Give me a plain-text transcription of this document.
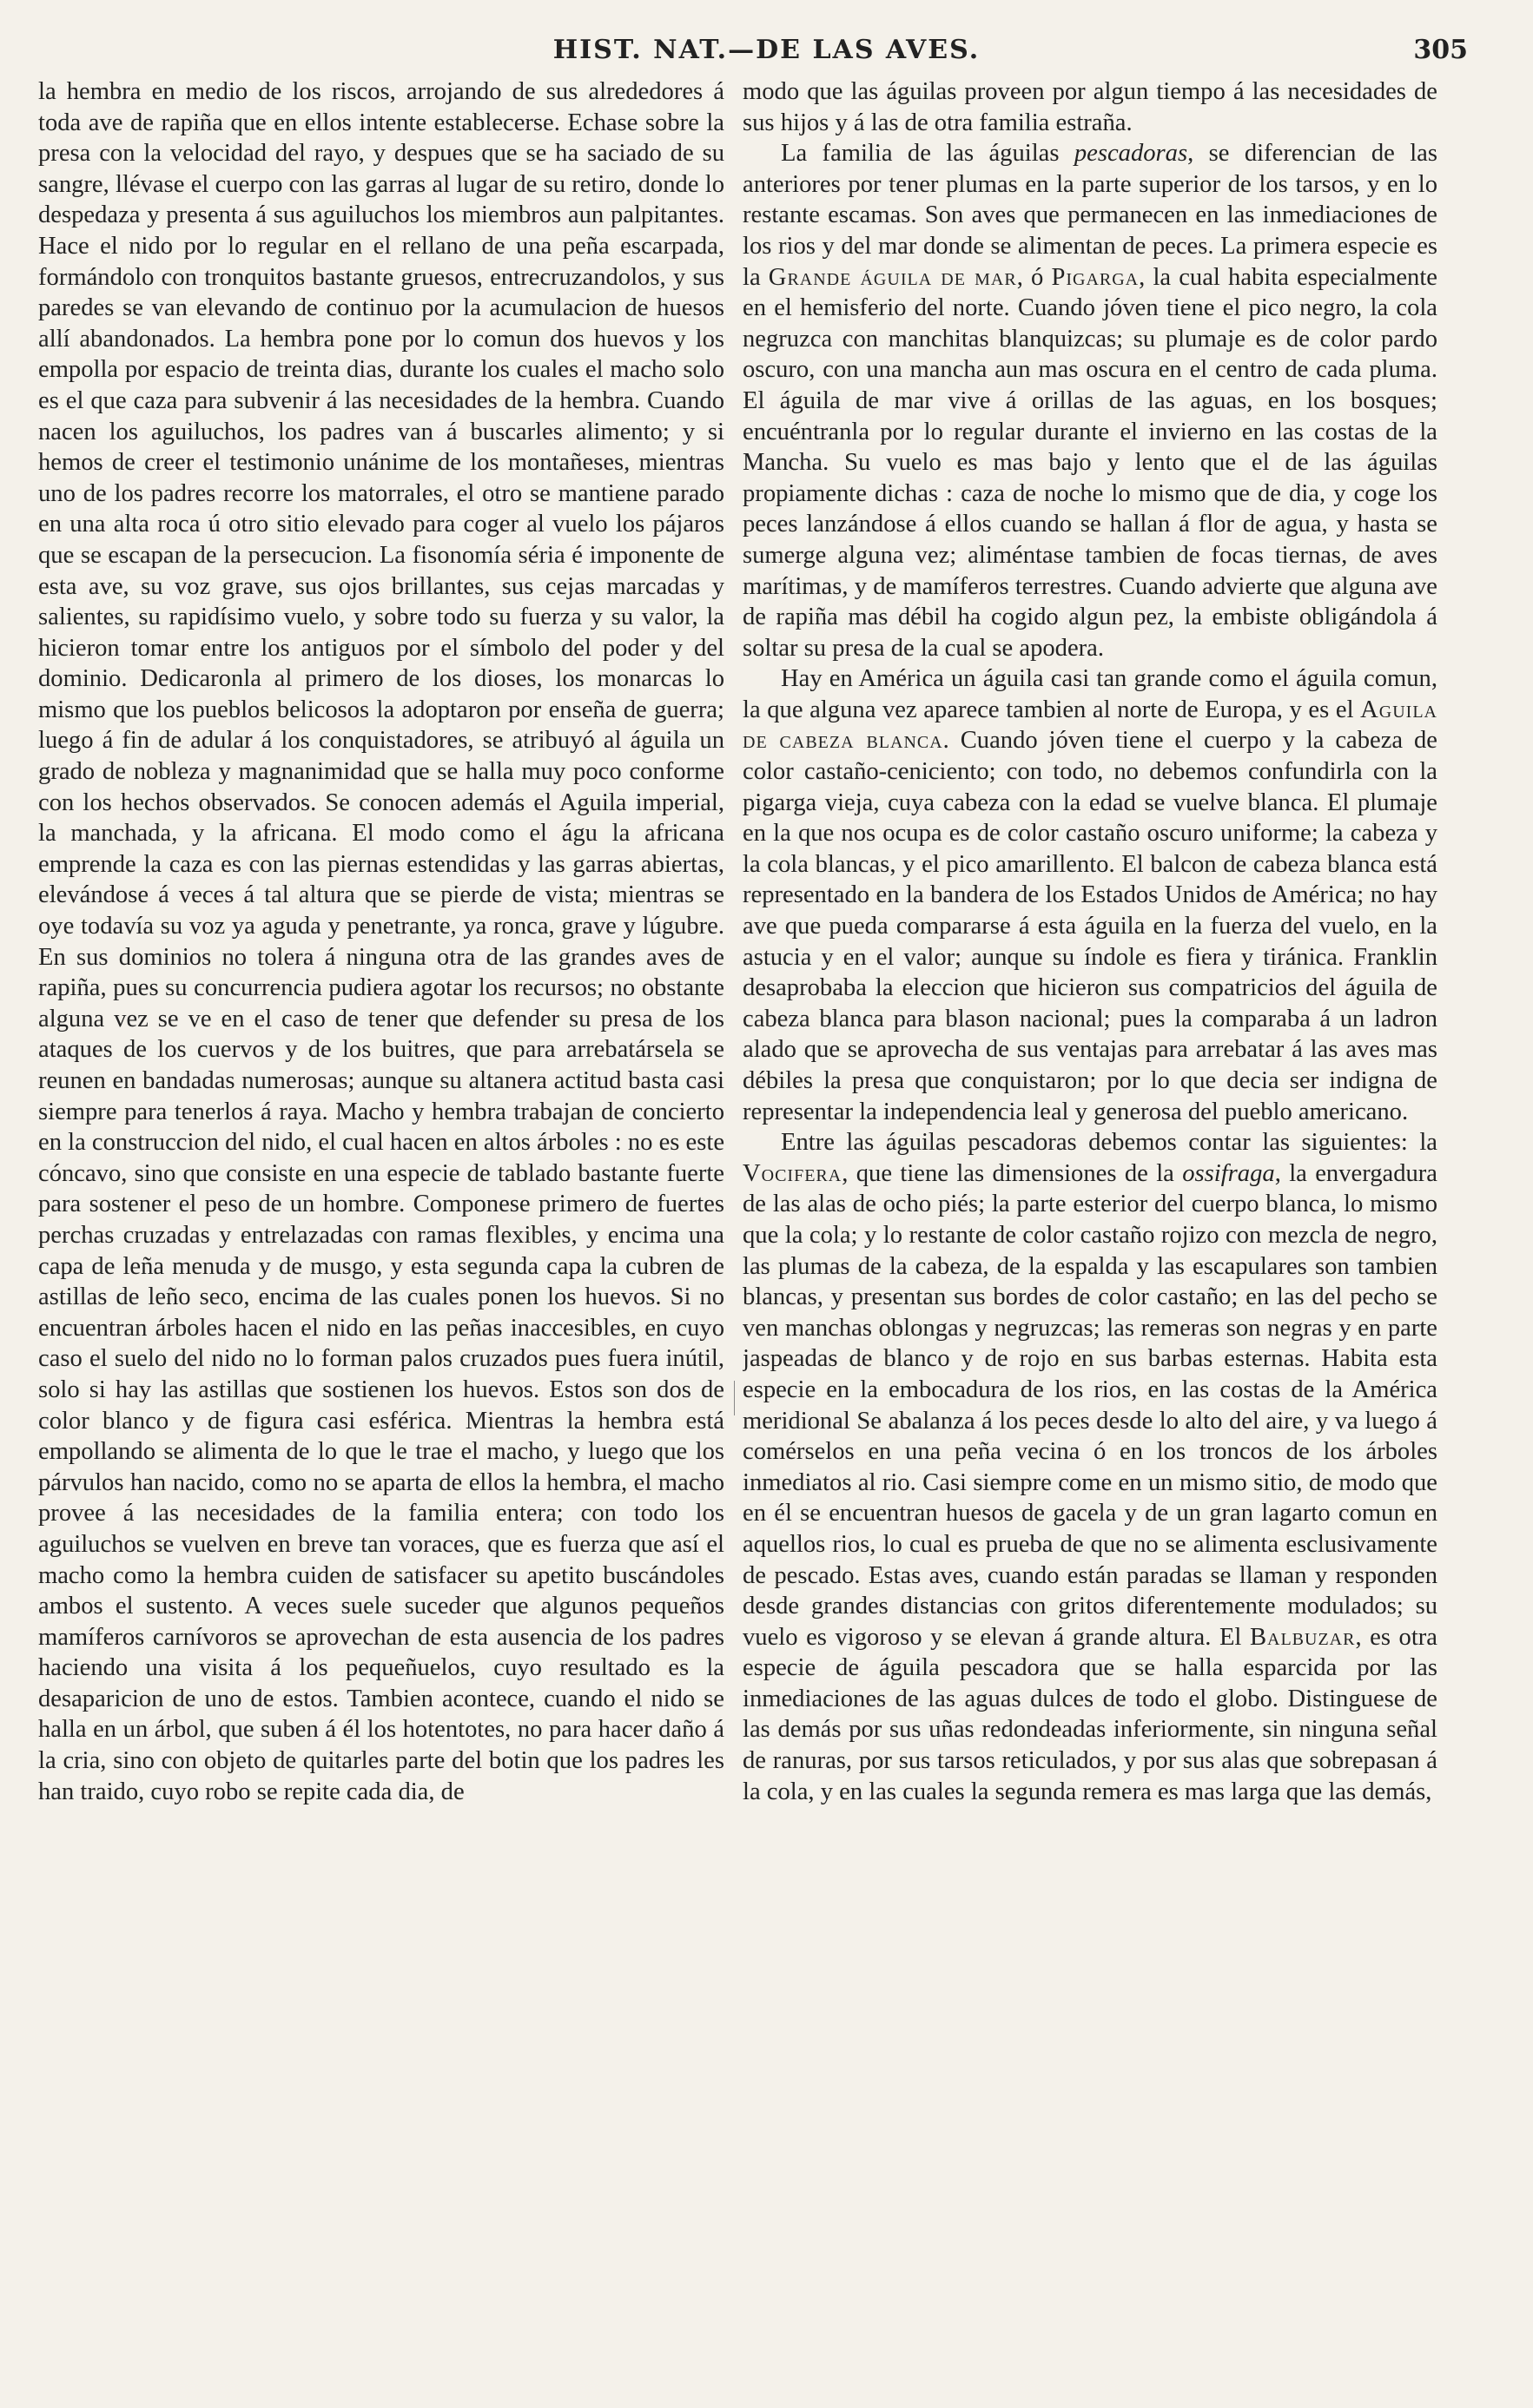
HIST. NAT.—DE LAS AVES.	305

la hembra en medio de los riscos, arrojando de sus alrededores á toda ave de rapiña que en ellos intente establecerse. Echase sobre la presa con la velocidad del rayo, y despues que se ha saciado de su sangre, llévase el cuerpo con las garras al lugar de su retiro, donde lo despedaza y presenta á sus aguiluchos los miembros aun palpitantes. Hace el nido por lo regular en el rellano de una peña escarpada, formándolo con tronquitos bastante gruesos, entrecruzandolos, y sus paredes se van elevando de continuo por la acumulacion de huesos allí abandonados. La hembra pone por lo comun dos huevos y los empolla por espacio de treinta dias, durante los cuales el macho solo es el que caza para subvenir á las necesidades de la hembra. Cuando nacen los aguiluchos, los padres van á buscarles alimento; y si hemos de creer el testimonio unánime de los montañeses, mientras uno de los padres recorre los matorrales, el otro se mantiene parado en una alta roca ú otro sitio elevado para coger al vuelo los pájaros que se escapan de la persecucion. La fisonomía séria é imponente de esta ave, su voz grave, sus ojos brillantes, sus cejas marcadas y salientes, su rapidísimo vuelo, y sobre todo su fuerza y su valor, la hicieron tomar entre los antiguos por el símbolo del poder y del dominio. Dedicaronla al primero de los dioses, los monarcas lo mismo que los pueblos belicosos la adoptaron por enseña de guerra; luego á fin de adular á los conquistadores, se atribuyó al águila un grado de nobleza y magnanimidad que se halla muy poco conforme con los hechos observados. Se conocen además el Aguila imperial, la manchada, y la africana. El modo como el águ la africana emprende la caza es con las piernas estendidas y las garras abiertas, elevándose á veces á tal altura que se pierde de vista; mientras se oye todavía su voz ya aguda y penetrante, ya ronca, grave y lúgubre. En sus dominios no tolera á ninguna otra de las grandes aves de rapiña, pues su concurrencia pudiera agotar los recursos; no obstante alguna vez se ve en el caso de tener que defender su presa de los ataques de los cuervos y de los buitres, que para arrebatársela se reunen en bandadas numerosas; aunque su altanera actitud basta casi siempre para tenerlos á raya. Macho y hembra trabajan de concierto en la construccion del nido, el cual hacen en altos árboles : no es este cóncavo, sino que consiste en una especie de tablado bastante fuerte para sostener el peso de un hombre. Componese primero de fuertes perchas cruzadas y entrelazadas con ramas flexibles, y encima una capa de leña menuda y de musgo, y esta segunda capa la cubren de astillas de leño seco, encima de las cuales ponen los huevos. Si no encuentran árboles hacen el nido en las peñas inaccesibles, en cuyo caso el suelo del nido no lo forman palos cruzados pues fuera inútil, solo si hay las astillas que sostienen los huevos. Estos son dos de color blanco y de figura casi esférica. Mientras la hembra está empollando se alimenta de lo que le trae el macho, y luego que los párvulos han nacido, como no se aparta de ellos la hembra, el macho provee á las necesidades de la familia entera; con todo los aguiluchos se vuelven en breve tan voraces, que es fuerza que así el macho como la hembra cuiden de satisfacer su apetito buscándoles ambos el sustento. A veces suele suceder que algunos pequeños mamíferos carnívoros se aprovechan de esta ausencia de los padres haciendo una visita á los pequeñuelos, cuyo resultado es la desaparicion de uno de estos. Tambien acontece, cuando el nido se halla en un árbol, que suben á él los hotentotes, no para hacer daño á la cria, sino con objeto de quitarles parte del botin que los padres les han traido, cuyo robo se repite cada dia, de

modo que las águilas proveen por algun tiempo á las necesidades de sus hijos y á las de otra familia estraña.

La familia de las águilas pescadoras, se diferencian de las anteriores por tener plumas en la parte superior de los tarsos, y en lo restante escamas. Son aves que permanecen en las inmediaciones de los rios y del mar donde se alimentan de peces. La primera especie es la Grande águila de mar, ó Pigarga, la cual habita especialmente en el hemisferio del norte. Cuando jóven tiene el pico negro, la cola negruzca con manchitas blanquizcas; su plumaje es de color pardo oscuro, con una mancha aun mas oscura en el centro de cada pluma. El águila de mar vive á orillas de las aguas, en los bosques; encuéntranla por lo regular durante el invierno en las costas de la Mancha. Su vuelo es mas bajo y lento que el de las águilas propiamente dichas : caza de noche lo mismo que de dia, y coge los peces lanzándose á ellos cuando se hallan á flor de agua, y hasta se sumerge alguna vez; aliméntase tambien de focas tiernas, de aves marítimas, y de mamíferos terrestres. Cuando advierte que alguna ave de rapiña mas débil ha cogido algun pez, la embiste obligándola á soltar su presa de la cual se apodera.

Hay en América un águila casi tan grande como el águila comun, la que alguna vez aparece tambien al norte de Europa, y es el Aguila de cabeza blanca. Cuando jóven tiene el cuerpo y la cabeza de color castaño-ceniciento; con todo, no debemos confundirla con la pigarga vieja, cuya cabeza con la edad se vuelve blanca. El plumaje en la que nos ocupa es de color castaño oscuro uniforme; la cabeza y la cola blancas, y el pico amarillento. El balcon de cabeza blanca está representado en la bandera de los Estados Unidos de América; no hay ave que pueda compararse á esta águila en la fuerza del vuelo, en la astucia y en el valor; aunque su índole es fiera y tiránica. Franklin desaprobaba la eleccion que hicieron sus compatricios del águila de cabeza blanca para blason nacional; pues la comparaba á un ladron alado que se aprovecha de sus ventajas para arrebatar á las aves mas débiles la presa que conquistaron; por lo que decia ser indigna de representar la independencia leal y generosa del pueblo americano.

Entre las águilas pescadoras debemos contar las siguientes: la Vocifera, que tiene las dimensiones de la ossifraga, la envergadura de las alas de ocho piés; la parte esterior del cuerpo blanca, lo mismo que la cola; y lo restante de color castaño rojizo con mezcla de negro, las plumas de la cabeza, de la espalda y las escapulares son tambien blancas, y presentan sus bordes de color castaño; en las del pecho se ven manchas oblongas y negruzcas; las remeras son negras y en parte jaspeadas de blanco y de rojo en sus barbas esternas. Habita esta especie en la embocadura de los rios, en las costas de la América meridional Se abalanza á los peces desde lo alto del aire, y va luego á comérselos en una peña vecina ó en los troncos de los árboles inmediatos al rio. Casi siempre come en un mismo sitio, de modo que en él se encuentran huesos de gacela y de un gran lagarto comun en aquellos rios, lo cual es prueba de que no se alimenta esclusivamente de pescado. Estas aves, cuando están paradas se llaman y responden desde grandes distancias con gritos diferentemente modulados; su vuelo es vigoroso y se elevan á grande altura. El Balbuzar, es otra especie de águila pescadora que se halla esparcida por las inmediaciones de las aguas dulces de todo el globo. Distinguese de las demás por sus uñas redondeadas inferiormente, sin ninguna señal de ranuras, por sus tarsos reticulados, y por sus alas que sobrepasan á la cola, y en las cuales la segunda remera es mas larga que las demás,
